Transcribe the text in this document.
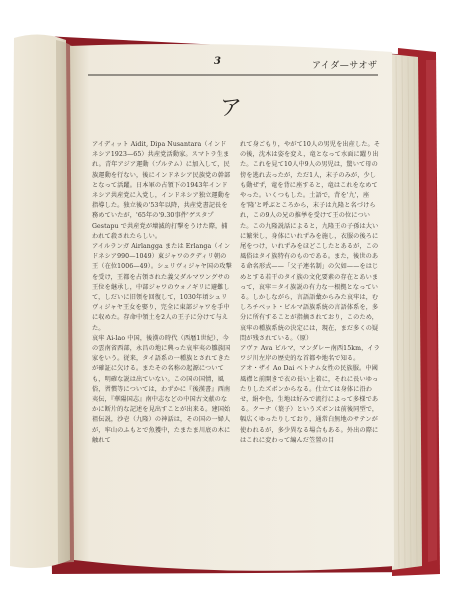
3	アイダ—サオザ
ア
アイディット Aidit, Dipa Nusantara（インドネシア1923—65）共産党活動家。スマトラ生まれ。青年アジア運動（プルテム）に加入して，民族運動を行ない，後にインドネシア民族党の幹部となって活躍。日本軍の占領下の1943年インドネシア共産党に入党し，インドネシア独立運動を指導した。独立後の'53年以降，共産党書記長を務めていたが，'65年の'9.30事件'ゲスタプ Gestapu で共産党が壊滅的打撃をうけた際，捕われて殺されたらしい。
アイルランガ Airlangga または Erlanga（インドネシア990—1049）東ジャワのクディリ朝の王（在位1006—49）。シュリヴィジャヤ国の攻撃を受け，王都を占領された義父ダルマワングサの王位を継承し，中部ジャワのウォノギリに避難して，しだいに旧領を回復して，1030年頃シュリヴィジャヤ王女を娶り，完全に東部ジャワを手中に収めた。存命中領土を2人の王子に分けて与えた。
哀牢 Ai-lao 中国，後漢の時代（西暦1世紀），今の雲南省西部，永昌の地に興った哀牢夷の雛族国家をいう。従来，タイ語系の一種族とされてきたが確証に欠ける。またその名称の起源についても，明確な説は出ていない。この国の国情，風俗，習慣等については，わずかに『後漢書』西南夷伝，『華陽国志』南中志などの中国古文献のなかに断片的な記述を見出すことが出来る。建国始祖伝説，沙壱（九隆）の神話は，その国の一婦人が，牢山のふもとで魚獲中，たまたま川底の木に触れて
れて身ごもり，やがて10人の男児を出産した。その後，沈木は姿を変え，竜となって水面に躍り出た。これを見て10人中9人の男児は，驚いて母の傍を逃れ去ったが，ただ1人，末子のみが，少しも動ぜず，竜を背に座すると，竜はこれをなめてやった。いくつもした。土語で，背を'九'，座を'隆'と呼ぶところから，末子は九隆と名づけられ，この9人の兄の推挙を受けて王の位についた。この九隆説話によると，九隆王の子孫は大いに繁栄し，身体にいれずみを施し，衣服の後ろに尾をつけ，いれずみをほどこしたとあるが，この風俗はタイ族特有のものである。また，後世のある命名形式——「父子連名制」の欠如——をはじめとする若干のタイ族の文化要素の存在とあいまって，哀牢＝タイ族説の有力な一根拠となっている。しかしながら，言語語彙からみた哀牢は，むしろチベット・ビルマ語族系統の言語体系を，多分に所有することが指摘されており，このため，哀牢の種族系統の決定には，現在，まだ多くの疑問が残されている。（原）
アヴァ Ava ビルマ，マンダレー南西15km，イラワジ川左岸の歴史的な首都や地名で知る。
アオ・ザイ Ao Dai ベトナム女性の民族服。中國風襟と前開きで衣の長い上着に，それに長いゆったりしたズボンからなる。仕立ては身体に沿わせ，絹や色，生地は好みで流行によって多様である。クーナ（葉子）というズボンは前後同型で，幅広くゆったりしており，通常白無地のサテンが使われるが，多少異なる場合もある。外出の際にはこれに変わって編んだ笠置の目
